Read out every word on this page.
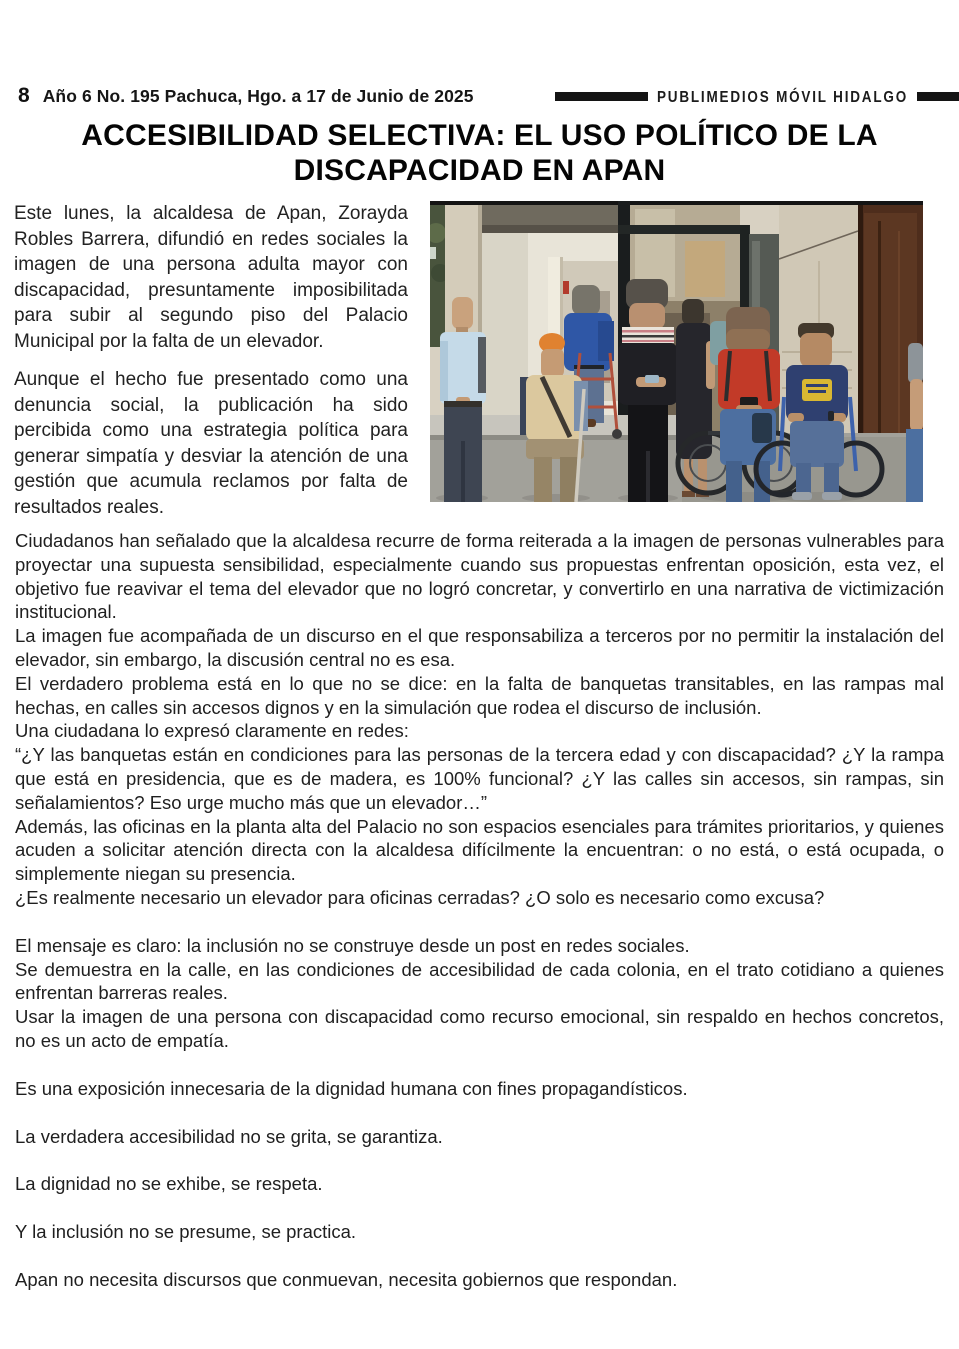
8 Año 6 No. 195 Pachuca, Hgo. a 17 de Junio de 2025	PUBLIMEDIOS MÓVIL HIDALGO
ACCESIBILIDAD SELECTIVA: EL USO POLÍTICO DE LA DISCAPACIDAD EN APAN

Este lunes, la alcaldesa de Apan, Zorayda Robles Barrera, difundió en redes sociales la imagen de una persona adulta mayor con discapacidad, presuntamente imposibilitada para subir al segundo piso del Palacio Municipal por la falta de un elevador.

Aunque el hecho fue presentado como una denuncia social, la publicación ha sido percibida como una estrategia política para generar simpatía y desviar la atención de una gestión que acumula reclamos por falta de resultados reales.

Ciudadanos han señalado que la alcaldesa recurre de forma reiterada a la imagen de personas vulnerables para proyectar una supuesta sensibilidad, especialmente cuando sus propuestas enfrentan oposición, esta vez, el objetivo fue reavivar el tema del elevador que no logró concretar, y convertirlo en una narrativa de victimización institucional.

La imagen fue acompañada de un discurso en el que responsabiliza a terceros por no permitir la instalación del elevador, sin embargo, la discusión central no es esa.

El verdadero problema está en lo que no se dice: en la falta de banquetas transitables, en las rampas mal hechas, en calles sin accesos dignos y en la simulación que rodea el discurso de inclusión.

Una ciudadana lo expresó claramente en redes:

“¿Y las banquetas están en condiciones para las personas de la tercera edad y con discapacidad? ¿Y la rampa que está en presidencia, que es de madera, es 100% funcional? ¿Y las calles sin accesos, sin rampas, sin señalamientos? Eso urge mucho más que un elevador…”

Además, las oficinas en la planta alta del Palacio no son espacios esenciales para trámites prioritarios, y quienes acuden a solicitar atención directa con la alcaldesa difícilmente la encuentran: o no está, o está ocupada, o simplemente niegan su presencia.

¿Es realmente necesario un elevador para oficinas cerradas? ¿O solo es necesario como excusa?

El mensaje es claro: la inclusión no se construye desde un post en redes sociales.

Se demuestra en la calle, en las condiciones de accesibilidad de cada colonia, en el trato cotidiano a quienes enfrentan barreras reales.

Usar la imagen de una persona con discapacidad como recurso emocional, sin respaldo en hechos concretos, no es un acto de empatía.

Es una exposición innecesaria de la dignidad humana con fines propagandísticos.

La verdadera accesibilidad no se grita, se garantiza.

La dignidad no se exhibe, se respeta.

Y la inclusión no se presume, se practica.

Apan no necesita discursos que conmuevan, necesita gobiernos que respondan.
